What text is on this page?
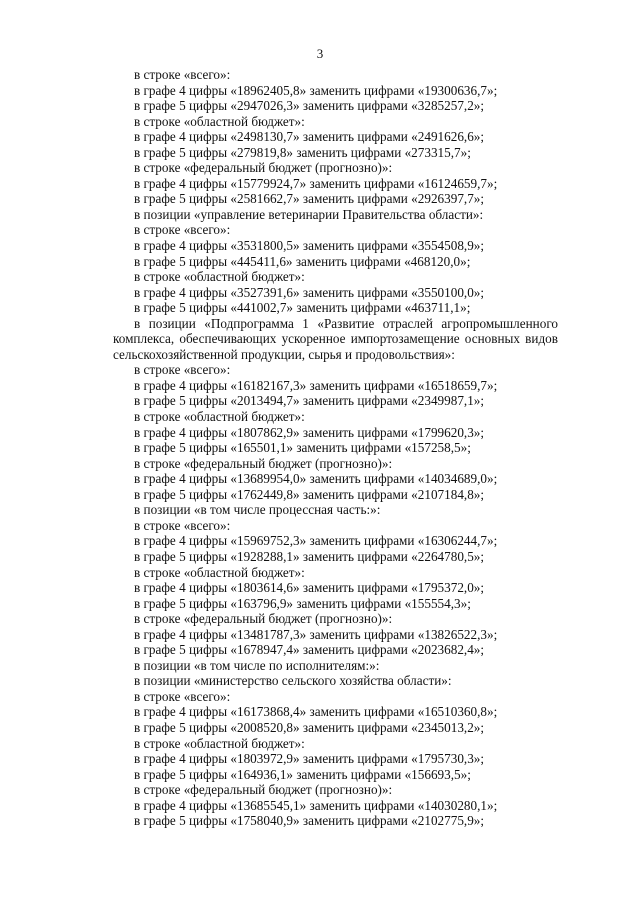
3
в строке «всего»:
в графе 4 цифры «18962405,8» заменить цифрами «19300636,7»;
в графе 5 цифры «2947026,3» заменить цифрами «3285257,2»;
в строке «областной бюджет»:
в графе 4 цифры «2498130,7» заменить цифрами «2491626,6»;
в графе 5 цифры «279819,8» заменить цифрами «273315,7»;
в строке «федеральный бюджет (прогнозно)»:
в графе 4 цифры «15779924,7» заменить цифрами «16124659,7»;
в графе 5 цифры «2581662,7» заменить цифрами «2926397,7»;
в позиции «управление ветеринарии Правительства области»:
в строке «всего»:
в графе 4 цифры «3531800,5» заменить цифрами «3554508,9»;
в графе 5 цифры «445411,6» заменить цифрами «468120,0»;
в строке «областной бюджет»:
в графе 4 цифры «3527391,6» заменить цифрами «3550100,0»;
в графе 5 цифры «441002,7» заменить цифрами «463711,1»;
в позиции «Подпрограмма 1 «Развитие отраслей агропромышленного комплекса, обеспечивающих ускоренное импортозамещение основных видов сельскохозяйственной продукции, сырья и продовольствия»:
в строке «всего»:
в графе 4 цифры «16182167,3» заменить цифрами «16518659,7»;
в графе 5 цифры «2013494,7» заменить цифрами «2349987,1»;
в строке «областной бюджет»:
в графе 4 цифры «1807862,9» заменить цифрами «1799620,3»;
в графе 5 цифры «165501,1» заменить цифрами «157258,5»;
в строке «федеральный бюджет (прогнозно)»:
в графе 4 цифры «13689954,0» заменить цифрами «14034689,0»;
в графе 5 цифры «1762449,8» заменить цифрами «2107184,8»;
в позиции «в том числе процессная часть:»:
в строке «всего»:
в графе 4 цифры «15969752,3» заменить цифрами «16306244,7»;
в графе 5 цифры «1928288,1» заменить цифрами «2264780,5»;
в строке «областной бюджет»:
в графе 4 цифры «1803614,6» заменить цифрами «1795372,0»;
в графе 5 цифры «163796,9» заменить цифрами «155554,3»;
в строке «федеральный бюджет (прогнозно)»:
в графе 4 цифры «13481787,3» заменить цифрами «13826522,3»;
в графе 5 цифры «1678947,4» заменить цифрами «2023682,4»;
в позиции «в том числе по исполнителям:»:
в позиции «министерство сельского хозяйства области»:
в строке «всего»:
в графе 4 цифры «16173868,4» заменить цифрами «16510360,8»;
в графе 5 цифры «2008520,8» заменить цифрами «2345013,2»;
в строке «областной бюджет»:
в графе 4 цифры «1803972,9» заменить цифрами «1795730,3»;
в графе 5 цифры «164936,1» заменить цифрами «156693,5»;
в строке «федеральный бюджет (прогнозно)»:
в графе 4 цифры «13685545,1» заменить цифрами «14030280,1»;
в графе 5 цифры «1758040,9» заменить цифрами «2102775,9»;
